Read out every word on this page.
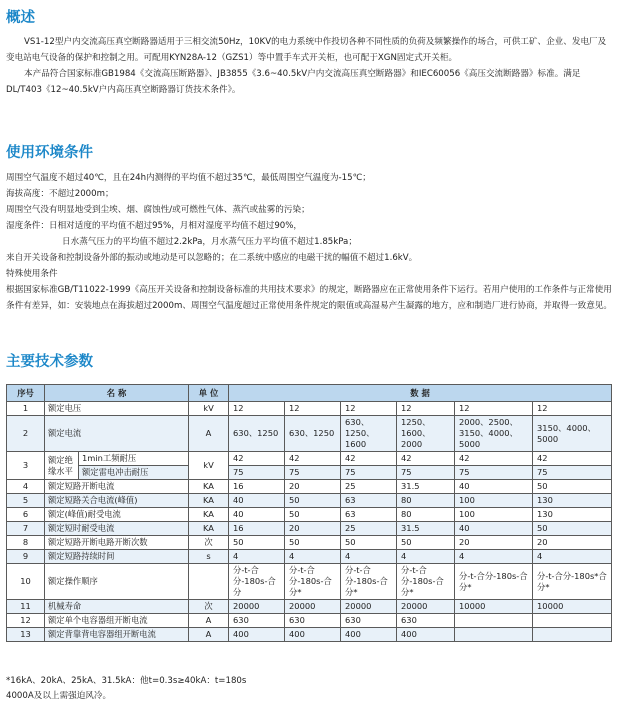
概述

VS1-12型户内交流高压真空断路器适用于三相交流50Hz，10KV的电力系统中作投切各种不同性质的负荷及频繁操作的场合，可供工矿、企业、发电厂及变电站电气设备的保护和控制之用。可配用KYN28A-12（GZS1）等中置手车式开关柜，也可配于XGN固定式开关柜。

本产品符合国家标准GB1984《交流高压断路器》、JB3855《3.6~40.5kV户内交流高压真空断路器》和IEC60056《高压交流断路器》标准。满足DL/T403《12~40.5kV户内高压真空断路器订货技术条件》。

使用环境条件

周围空气温度不超过40℃，且在24h内测得的平均值不超过35℃，最低周围空气温度为-15℃；

海拔高度：不超过2000m；

周围空气没有明显地受到尘埃、烟、腐蚀性/或可燃性气体、蒸汽或盐雾的污染；

湿度条件：日相对适度的平均值不超过95%，月相对湿度平均值不超过90%，

日水蒸气压力的平均值不超过2.2kPa，月水蒸气压力平均值不超过1.85kPa；

来自开关设备和控制设备外部的振动或地动是可以忽略的；在二系统中感应的电磁干扰的幅值不超过1.6kV。

特殊使用条件

根据国家标准GB/T11022-1999《高压开关设备和控制设备标准的共用技术要求》的规定，断路器应在正常使用条件下运行。若用户使用的工作条件与正常使用条件有差异，如：安装地点在海拔超过2000m、周围空气温度超过正常使用条件规定的限值或高湿易产生凝露的地方，应和制造厂进行协商，并取得一致意见。

主要技术参数
序号	名 称		单 位	数 据					
1	额定电压		kV	12	12	12	12	12	12
2	额定电流		A	630、1250	630、1250	630、1250、1600	1250、1600、2000	2000、2500、3150、4000、5000	3150、4000、5000
3	额定绝缘水平	1min工频耐压	kV	42	42	42	42	42	42
		额定雷电冲击耐压		75	75	75	75	75	75
4	额定短路开断电流		KA	16	20	25	31.5	40	50
5	额定短路关合电流(峰值)		KA	40	50	63	80	100	130
6	额定(峰值)耐受电流		KA	40	50	63	80	100	130
7	额定短时耐受电流		KA	16	20	25	31.5	40	50
8	额定短路开断电路开断次数		次	50	50	50	50	20	20
9	额定短路持续时间		s	4	4	4	4	4	4
10	额定操作顺序			分-t-合分-180s-合分	分-t-合分-180s-合分*	分-t-合分-180s-合分*	分-t-合分-180s-合分*	分-t-合分-180s-合分*	分-t-合分-180s*合分*
11	机械寿命		次	20000	20000	20000	20000	10000	10000
12	额定单个电容器组开断电流		A	630	630	630	630		
13	额定背靠背电容器组开断电流		A	400	400	400	400		
*16kA、20kA、25kA、31.5kA：他t=0.3s≥40kA：t=180s
4000A及以上需强迫风冷。
